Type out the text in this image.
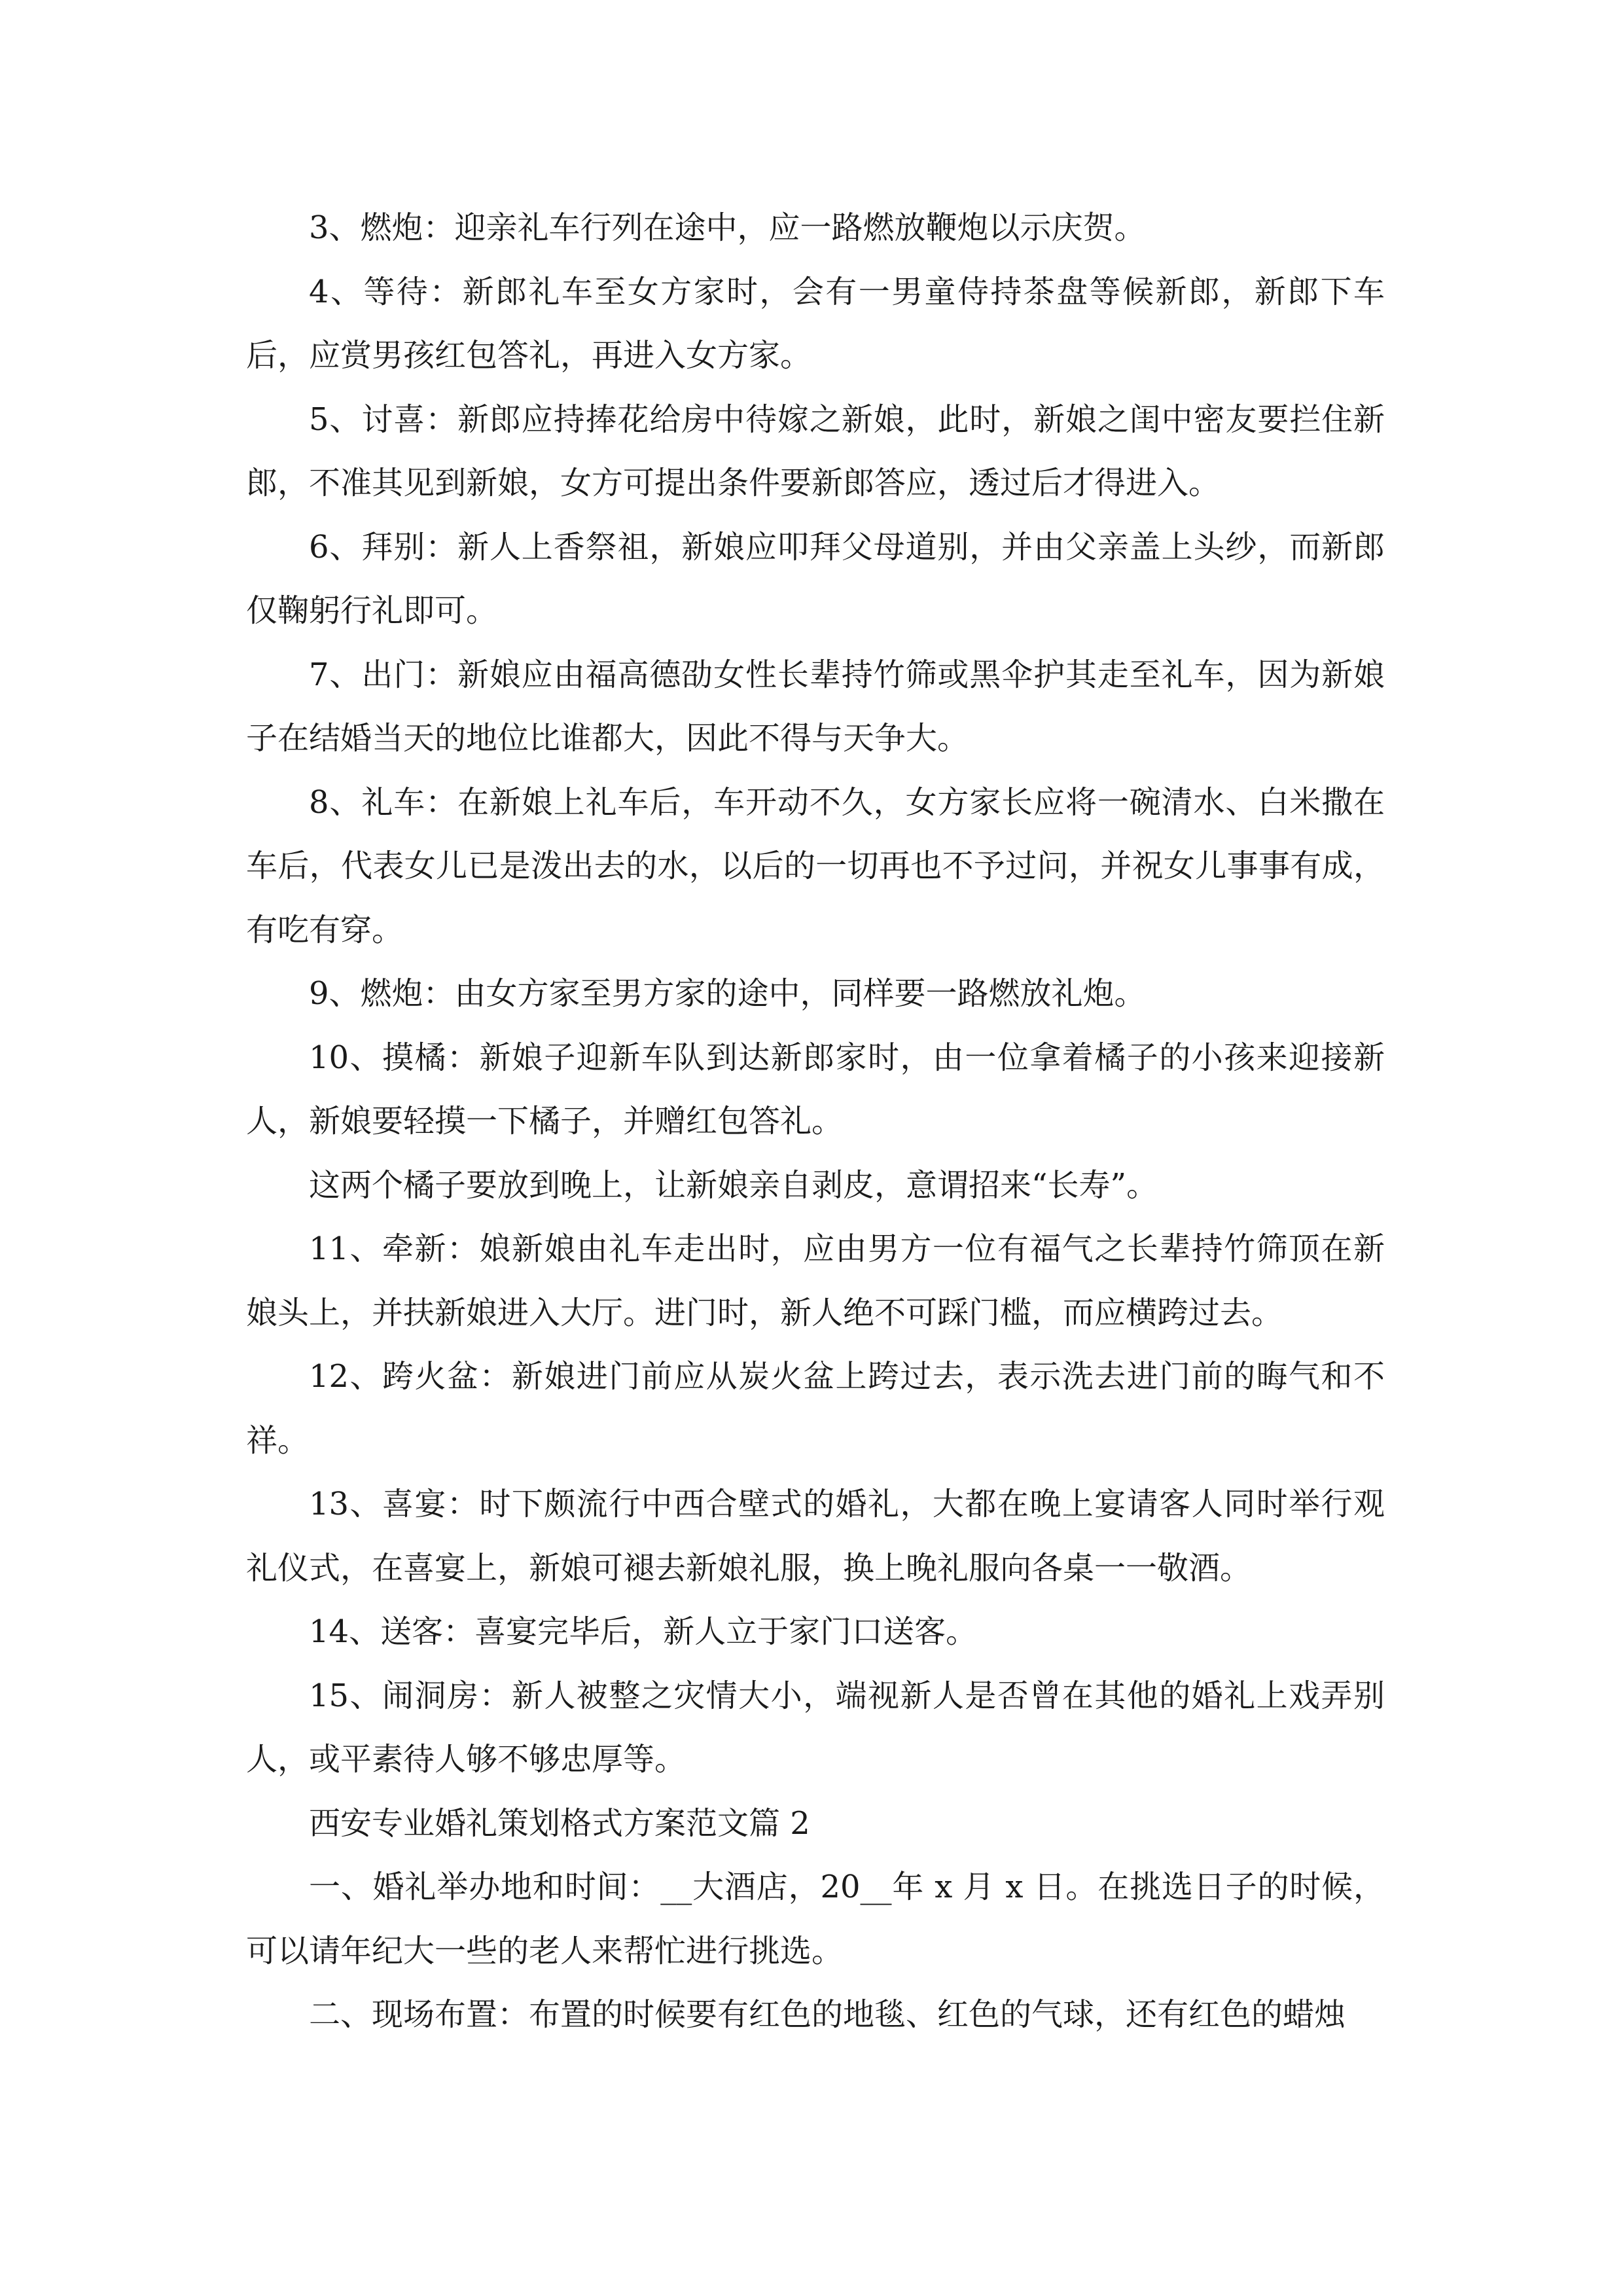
3、燃炮：迎亲礼车行列在途中，应一路燃放鞭炮以示庆贺。

4、等待：新郎礼车至女方家时，会有一男童侍持茶盘等候新郎，新郎下车后，应赏男孩红包答礼，再进入女方家。

5、讨喜：新郎应持捧花给房中待嫁之新娘，此时，新娘之闺中密友要拦住新郎，不准其见到新娘，女方可提出条件要新郎答应，透过后才得进入。

6、拜别：新人上香祭祖，新娘应叩拜父母道别，并由父亲盖上头纱，而新郎仅鞠躬行礼即可。

7、出门：新娘应由福高德劭女性长辈持竹筛或黑伞护其走至礼车，因为新娘子在结婚当天的地位比谁都大，因此不得与天争大。

8、礼车：在新娘上礼车后，车开动不久，女方家长应将一碗清水、白米撒在车后，代表女儿已是泼出去的水，以后的一切再也不予过问，并祝女儿事事有成，有吃有穿。

9、燃炮：由女方家至男方家的途中，同样要一路燃放礼炮。

10、摸橘：新娘子迎新车队到达新郎家时，由一位拿着橘子的小孩来迎接新人，新娘要轻摸一下橘子，并赠红包答礼。

这两个橘子要放到晚上，让新娘亲自剥皮，意谓招来“长寿”。

11、牵新：娘新娘由礼车走出时，应由男方一位有福气之长辈持竹筛顶在新娘头上，并扶新娘进入大厅。进门时，新人绝不可踩门槛，而应横跨过去。

12、跨火盆：新娘进门前应从炭火盆上跨过去，表示洗去进门前的晦气和不祥。

13、喜宴：时下颇流行中西合壁式的婚礼，大都在晚上宴请客人同时举行观礼仪式，在喜宴上，新娘可褪去新娘礼服，换上晚礼服向各桌一一敬酒。

14、送客：喜宴完毕后，新人立于家门口送客。

15、闹洞房：新人被整之灾情大小，端视新人是否曾在其他的婚礼上戏弄别人，或平素待人够不够忠厚等。

西安专业婚礼策划格式方案范文篇 2

一、婚礼举办地和时间：__大酒店，20__年 x 月 x 日。在挑选日子的时候，可以请年纪大一些的老人来帮忙进行挑选。

二、现场布置：布置的时候要有红色的地毯、红色的气球，还有红色的蜡烛
